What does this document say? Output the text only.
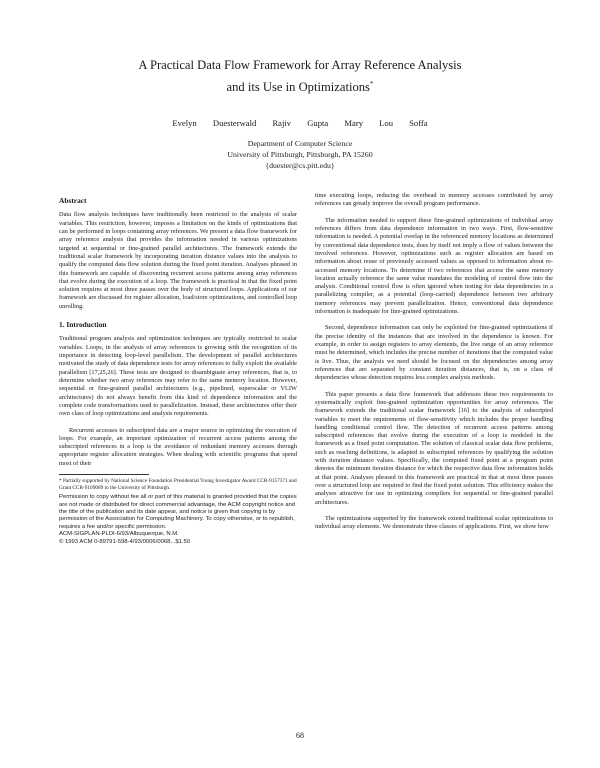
A Practical Data Flow Framework for Array Reference Analysis
and its Use in Optimizations*
Evelyn Duesterwald Rajiv Gupta Mary Lou Soffa
Department of Computer Science
University of Pittsburgh, Pittsburgh, PA 15260
{duester@cs.pitt.edu}
Abstract

Data flow analysis techniques have traditionally been restricted to the analysis of scalar variables. This restriction, however, imposes a limitation on the kinds of optimizations that can be performed in loops containing array references. We present a data flow framework for array reference analysis that provides the information needed in various optimizations targeted at sequential or fine-grained parallel architectures. The framework extends the traditional scalar framework by incorporating iteration distance values into the analysis to qualify the computed data flow solution during the fixed point iteration. Analyses phrased in this framework are capable of discovering recurrent access patterns among array references that evolve during the execution of a loop. The framework is practical in that the fixed point solution requires at most three passes over the body of structured loops. Applications of our framework are discussed for register allocation, load/store optimizations, and controlled loop unrolling.

1. Introduction

Traditional program analysis and optimization techniques are typically restricted to scalar variables. Loops, in the analysis of array references is growing with the recognition of its importance in detecting loop-level parallelism. The development of parallel architectures motivated the study of data dependence tests for array references to fully exploit the available parallelism [17,25,26]. These tests are designed to disambiguate array references, that is, to determine whether two array references may refer to the same memory location. However, sequential or fine-grained parallel architectures (e.g., pipelined, superscalar or VLIW architectures) do not always benefit from this kind of dependence information and the complete code transformations used to parallelization. Instead, these architectures offer their own class of loop optimizations and analysis requirements.

Recurrent accesses to subscripted data are a major source in optimizing the execution of loops. For example, an important optimization of recurrent access patterns among the subscripted references in a loop is the avoidance of redundant memory accesses through appropriate register allocation strategies. When dealing with scientific programs that spend most of their

* Partially supported by National Science Foundation Presidential Young Investigator Award CCR-9157371 and Grant CCR-9109089 to the University of Pittsburgh.

Permission to copy without fee all or part of this material is granted provided that the copies are not made or distributed for direct commercial advantage, the ACM copyright notice and the title of the publication and its date appear, and notice is given that copying is by permission of the Association for Computing Machinery. To copy otherwise, or to republish, requires a fee and/or specific permission.

ACM-SIGPLAN-PLDI-6/93/Albuquerque, N.M.

© 1993 ACM 0-89791-598-4/93/0006/0068...$1.50

time executing loops, reducing the overhead in memory accesses contributed by array references can greatly improve the overall program performance.

The information needed to support these fine-grained optimizations of individual array references differs from data dependence information in two ways. First, flow-sensitive information is needed. A potential overlap in the referenced memory locations as determined by conventional data dependence tests, does by itself not imply a flow of values between the involved references. However, optimizations such as register allocation are based on information about reuse of previously accessed values as opposed to information about re-accessed memory locations. To determine if two references that access the same memory location actually reference the same value mandates the modeling of control flow into the analysis. Conditional control flow is often ignored when testing for data dependencies in a parallelizing compiler, as a potential (loop-carried) dependence between two arbitrary memory references may prevent parallelization. Hence, conventional data dependence information is inadequate for fine-grained optimizations.

Second, dependence information can only be exploited for fine-grained optimizations if the precise identity of the instances that are involved in the dependence is known. For example, in order to assign registers to array elements, the live range of an array reference must be determined, which includes the precise number of iterations that the computed value is live. Thus, the analysis we need should be focused on the dependencies among array references that are separated by constant iteration distances, that is, on a class of dependencies whose detection requires less complex analysis methods.

This paper presents a data flow framework that addresses these two requirements to systematically exploit fine-grained optimization opportunities for array references. The framework extends the traditional scalar framework [16] to the analysis of subscripted variables to meet the requirements of flow-sensitivity which includes the proper handling handling conditional control flow. The detection of recurrent access patterns among subscripted references that evolve during the execution of a loop is modeled in the framework as a fixed point computation. The solution of classical scalar data flow problems, such as reaching definitions, is adapted to subscripted references by qualifying the solution with iteration distance values. Specifically, the computed fixed point at a program point denotes the minimum iteration distance for which the respective data flow information holds at that point. Analyses phrased in this framework are practical in that at most three passes over a structured loop are required to find the fixed point solution. This efficiency makes the analyses attractive for use in optimizing compilers for sequential or fine-grained parallel architectures.

The optimizations supported by the framework extend traditional scalar optimizations to individual array elements. We demonstrate three classes of applications. First, we show how

68
